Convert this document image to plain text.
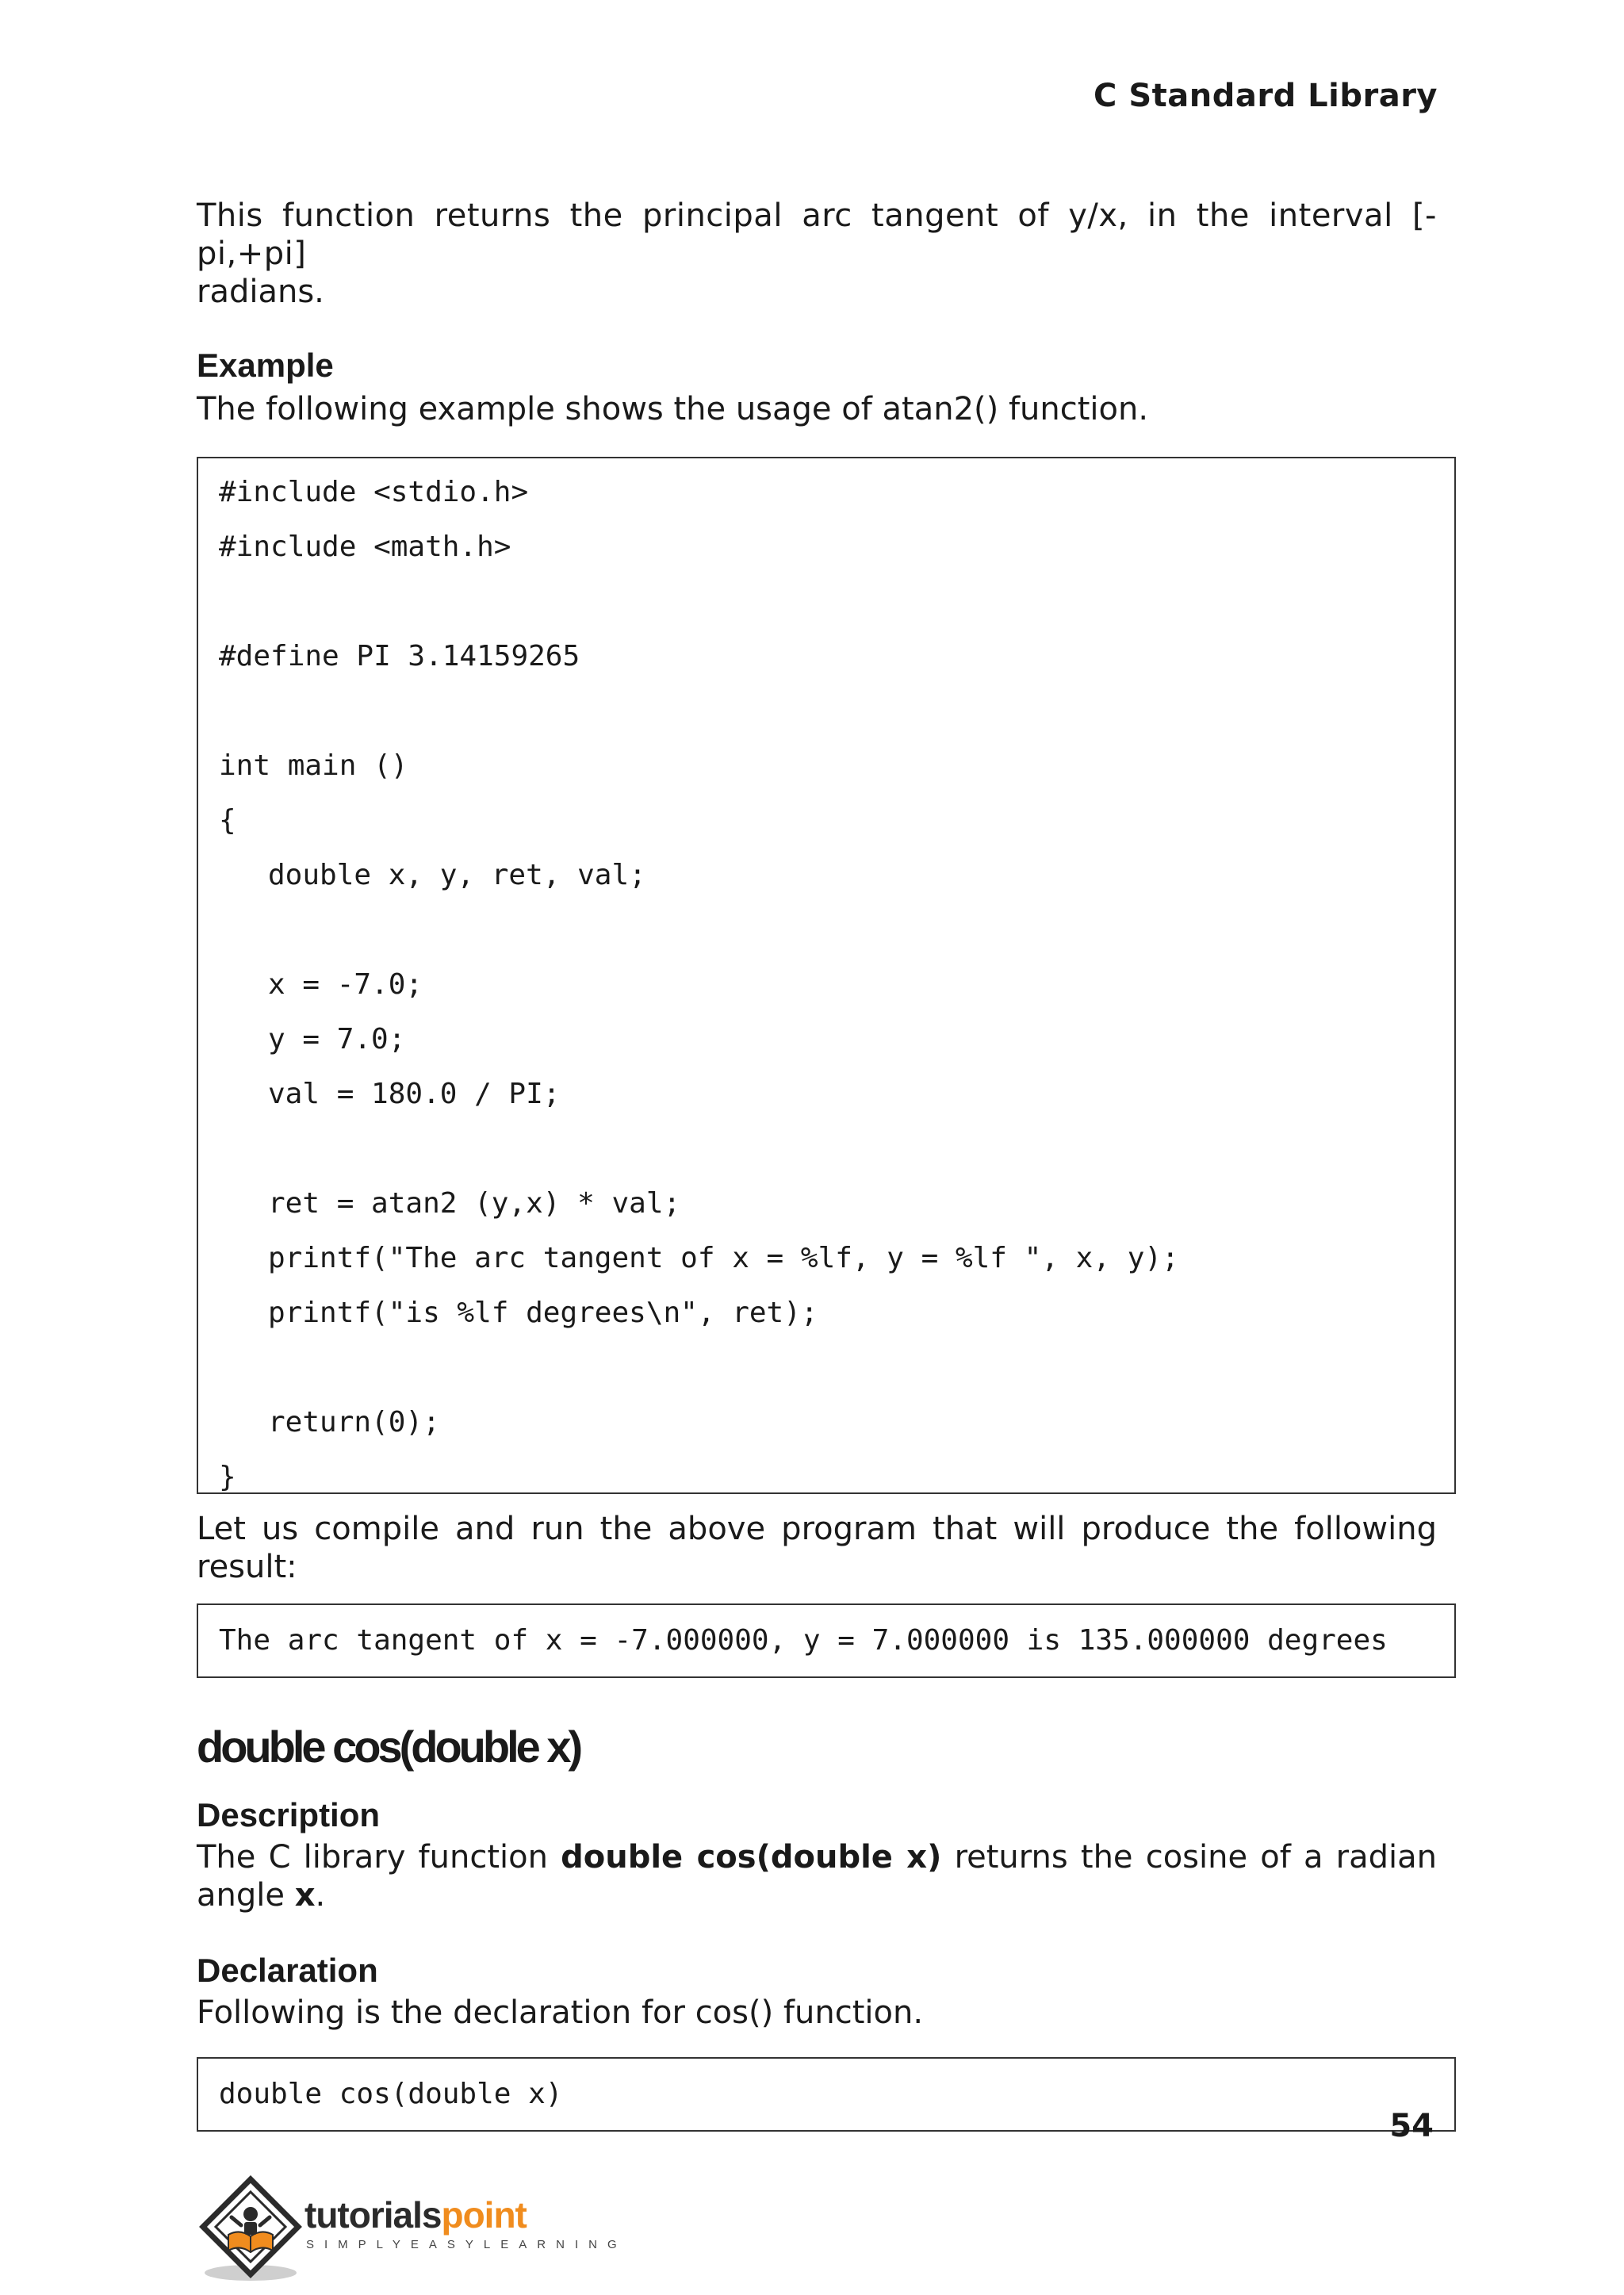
C Standard Library

This function returns the principal arc tangent of y/x, in the interval [-pi,+pi]

radians.

Example

The following example shows the usage of atan2() function.

#include <stdio.h>
#include <math.h>
#define PI 3.14159265
int main ()
{
double x, y, ret, val;
x = -7.0;
y = 7.0;
val = 180.0 / PI;
ret = atan2 (y,x) * val;
printf("The arc tangent of x = %lf, y = %lf ", x, y);
printf("is %lf degrees\n", ret);
return(0);
}

Let us compile and run the above program that will produce the following result:

The arc tangent of x = -7.000000, y = 7.000000 is 135.000000 degrees

double cos(double x)

Description

The C library function double cos(double x) returns the cosine of a radian

angle x.

Declaration

Following is the declaration for cos() function.

double cos(double x)
54
tutorialspoint
SIMPLYEASYLEARNING
